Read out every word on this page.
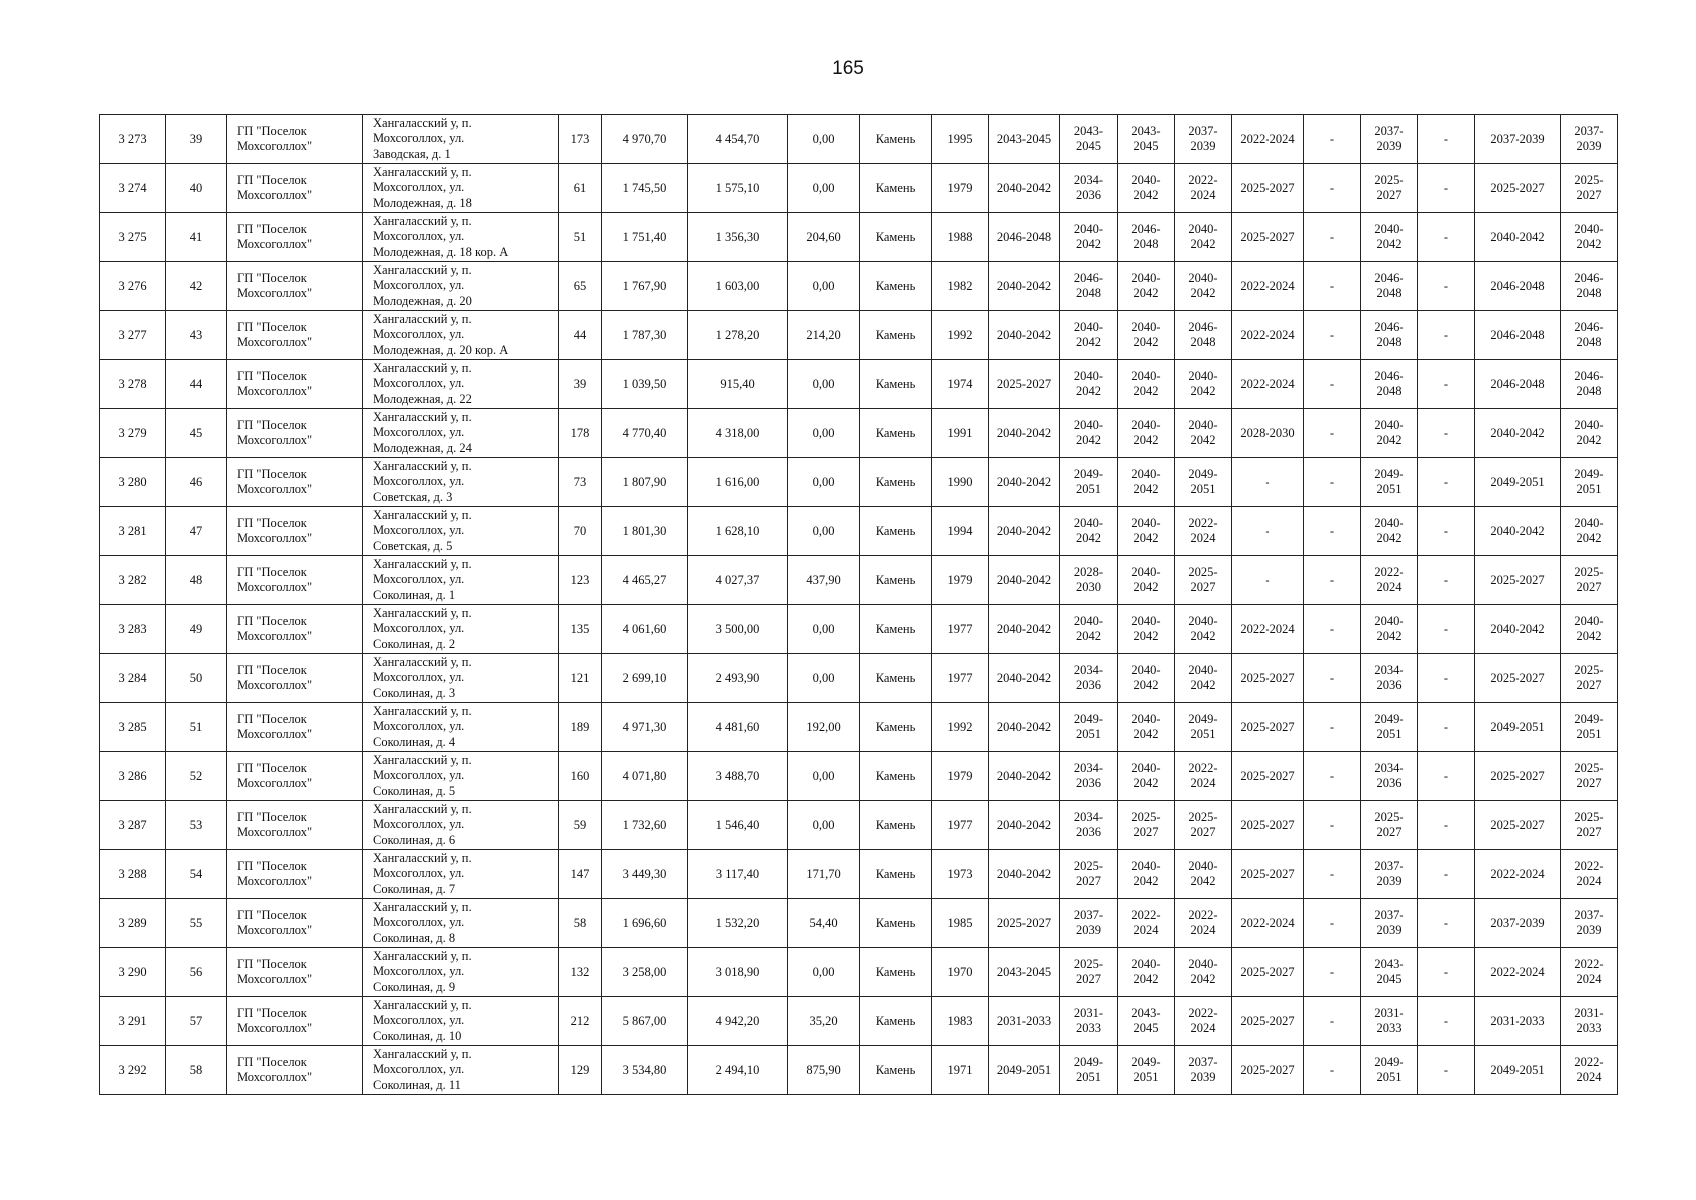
165
3 273	39	ГП "Поселок Мохсоголлох"	Хангаласский у, п.
Мохсоголлох, ул.
Заводская, д. 1	173	4 970,70	4 454,70	0,00	Камень	1995	2043-2045	2043-2045	2043-2045	2037-2039	2022-2024	-	2037-2039	-	2037-2039	2037-2039
3 274	40	ГП "Поселок Мохсоголлох"	Хангаласский у, п.
Мохсоголлох, ул.
Молодежная, д. 18	61	1 745,50	1 575,10	0,00	Камень	1979	2040-2042	2034-2036	2040-2042	2022-2024	2025-2027	-	2025-2027	-	2025-2027	2025-2027
3 275	41	ГП "Поселок Мохсоголлох"	Хангаласский у, п.
Мохсоголлох, ул.
Молодежная, д. 18 кор. А	51	1 751,40	1 356,30	204,60	Камень	1988	2046-2048	2040-2042	2046-2048	2040-2042	2025-2027	-	2040-2042	-	2040-2042	2040-2042
3 276	42	ГП "Поселок Мохсоголлох"	Хангаласский у, п.
Мохсоголлох, ул.
Молодежная, д. 20	65	1 767,90	1 603,00	0,00	Камень	1982	2040-2042	2046-2048	2040-2042	2040-2042	2022-2024	-	2046-2048	-	2046-2048	2046-2048
3 277	43	ГП "Поселок Мохсоголлох"	Хангаласский у, п.
Мохсоголлох, ул.
Молодежная, д. 20 кор. А	44	1 787,30	1 278,20	214,20	Камень	1992	2040-2042	2040-2042	2040-2042	2046-2048	2022-2024	-	2046-2048	-	2046-2048	2046-2048
3 278	44	ГП "Поселок Мохсоголлох"	Хангаласский у, п.
Мохсоголлох, ул.
Молодежная, д. 22	39	1 039,50	915,40	0,00	Камень	1974	2025-2027	2040-2042	2040-2042	2040-2042	2022-2024	-	2046-2048	-	2046-2048	2046-2048
3 279	45	ГП "Поселок Мохсоголлох"	Хангаласский у, п.
Мохсоголлох, ул.
Молодежная, д. 24	178	4 770,40	4 318,00	0,00	Камень	1991	2040-2042	2040-2042	2040-2042	2040-2042	2028-2030	-	2040-2042	-	2040-2042	2040-2042
3 280	46	ГП "Поселок Мохсоголлох"	Хангаласский у, п.
Мохсоголлох, ул.
Советская, д. 3	73	1 807,90	1 616,00	0,00	Камень	1990	2040-2042	2049-2051	2040-2042	2049-2051	-	-	2049-2051	-	2049-2051	2049-2051
3 281	47	ГП "Поселок Мохсоголлох"	Хангаласский у, п.
Мохсоголлох, ул.
Советская, д. 5	70	1 801,30	1 628,10	0,00	Камень	1994	2040-2042	2040-2042	2040-2042	2022-2024	-	-	2040-2042	-	2040-2042	2040-2042
3 282	48	ГП "Поселок Мохсоголлох"	Хангаласский у, п.
Мохсоголлох, ул.
Соколиная, д. 1	123	4 465,27	4 027,37	437,90	Камень	1979	2040-2042	2028-2030	2040-2042	2025-2027	-	-	2022-2024	-	2025-2027	2025-2027
3 283	49	ГП "Поселок Мохсоголлох"	Хангаласский у, п.
Мохсоголлох, ул.
Соколиная, д. 2	135	4 061,60	3 500,00	0,00	Камень	1977	2040-2042	2040-2042	2040-2042	2040-2042	2022-2024	-	2040-2042	-	2040-2042	2040-2042
3 284	50	ГП "Поселок Мохсоголлох"	Хангаласский у, п.
Мохсоголлох, ул.
Соколиная, д. 3	121	2 699,10	2 493,90	0,00	Камень	1977	2040-2042	2034-2036	2040-2042	2040-2042	2025-2027	-	2034-2036	-	2025-2027	2025-2027
3 285	51	ГП "Поселок Мохсоголлох"	Хангаласский у, п.
Мохсоголлох, ул.
Соколиная, д. 4	189	4 971,30	4 481,60	192,00	Камень	1992	2040-2042	2049-2051	2040-2042	2049-2051	2025-2027	-	2049-2051	-	2049-2051	2049-2051
3 286	52	ГП "Поселок Мохсоголлох"	Хангаласский у, п.
Мохсоголлох, ул.
Соколиная, д. 5	160	4 071,80	3 488,70	0,00	Камень	1979	2040-2042	2034-2036	2040-2042	2022-2024	2025-2027	-	2034-2036	-	2025-2027	2025-2027
3 287	53	ГП "Поселок Мохсоголлох"	Хангаласский у, п.
Мохсоголлох, ул.
Соколиная, д. 6	59	1 732,60	1 546,40	0,00	Камень	1977	2040-2042	2034-2036	2025-2027	2025-2027	2025-2027	-	2025-2027	-	2025-2027	2025-2027
3 288	54	ГП "Поселок Мохсоголлох"	Хангаласский у, п.
Мохсоголлох, ул.
Соколиная, д. 7	147	3 449,30	3 117,40	171,70	Камень	1973	2040-2042	2025-2027	2040-2042	2040-2042	2025-2027	-	2037-2039	-	2022-2024	2022-2024
3 289	55	ГП "Поселок Мохсоголлох"	Хангаласский у, п.
Мохсоголлох, ул.
Соколиная, д. 8	58	1 696,60	1 532,20	54,40	Камень	1985	2025-2027	2037-2039	2022-2024	2022-2024	2022-2024	-	2037-2039	-	2037-2039	2037-2039
3 290	56	ГП "Поселок Мохсоголлох"	Хангаласский у, п.
Мохсоголлох, ул.
Соколиная, д. 9	132	3 258,00	3 018,90	0,00	Камень	1970	2043-2045	2025-2027	2040-2042	2040-2042	2025-2027	-	2043-2045	-	2022-2024	2022-2024
3 291	57	ГП "Поселок Мохсоголлох"	Хангаласский у, п.
Мохсоголлох, ул.
Соколиная, д. 10	212	5 867,00	4 942,20	35,20	Камень	1983	2031-2033	2031-2033	2043-2045	2022-2024	2025-2027	-	2031-2033	-	2031-2033	2031-2033
3 292	58	ГП "Поселок Мохсоголлох"	Хангаласский у, п.
Мохсоголлох, ул.
Соколиная, д. 11	129	3 534,80	2 494,10	875,90	Камень	1971	2049-2051	2049-2051	2049-2051	2037-2039	2025-2027	-	2049-2051	-	2049-2051	2022-2024
